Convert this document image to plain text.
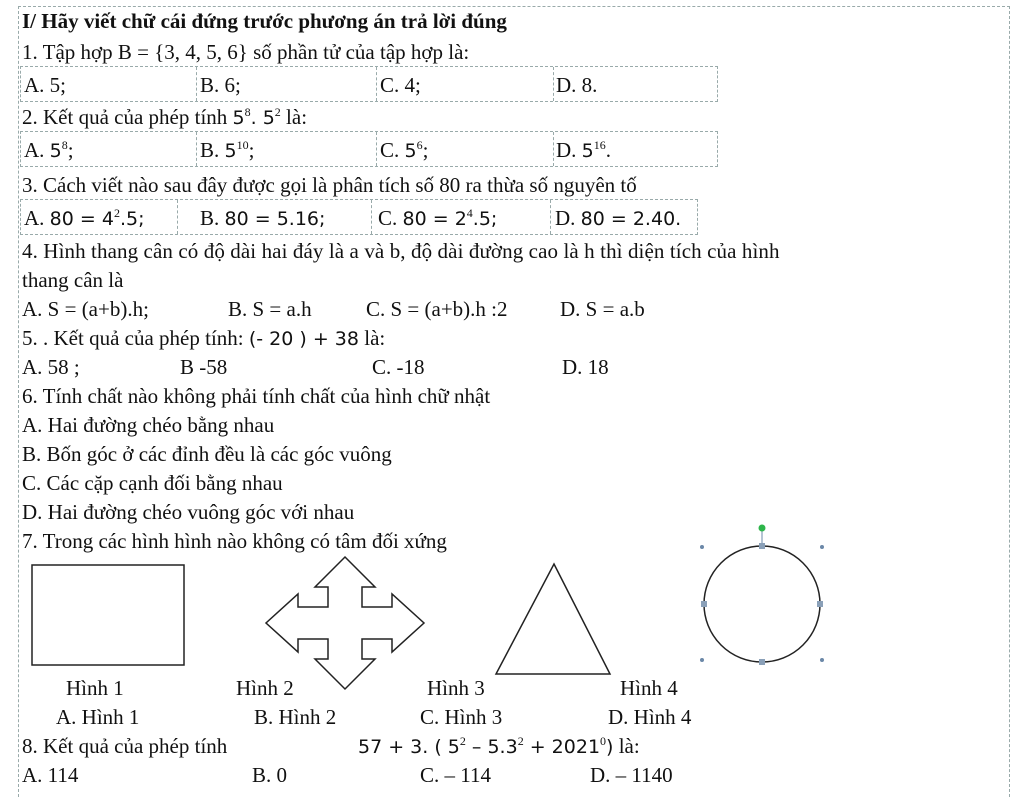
I/ Hãy viết chữ cái đứng trước phương án trả lời đúng
1. Tập hợp B = {3, 4, 5, 6} số phần tử của tập hợp là:
A. 5;	B. 6;	C. 4;	D. 8.
2. Kết quả của phép tính $5^8$. $5^2$ là:
A. $5^8$;	B. $5^{10}$;	C. $5^6$;	D. $5^{16}$.
3. Cách viết nào sau đây được gọi là phân tích số 80 ra thừa số nguyên tố
A. $80 = 4^2.5$;	B. 80 = 5.16;	C. $80 = 2^4.5$;	D. 80 = 2.40.
4. Hình thang cân có độ dài hai đáy là a và b, độ dài đường cao là h thì diện tích của hình
thang cân là
A. S = (a+b).h;	B. S = a.h	C. S = (a+b).h :2 D. S = a.b
5. . Kết quả của phép tính: (- 20 ) + 38 là:
A. 58 ;	B -58	C. -18	D. 18
6. Tính chất nào không phải tính chất của hình chữ nhật
A. Hai đường chéo bằng nhau
B. Bốn góc ở các đỉnh đều là các góc vuông
C. Các cặp cạnh đối bằng nhau
D. Hai đường chéo vuông góc với nhau
7. Trong các hình hình nào không có tâm đối xứng
Hình 1	Hình 2	Hình 3	Hình 4
A. Hình 1	B. Hình 2	C. Hình 3	D. Hình 4
8. Kết quả của phép tính	57 + 3. ( $5^2 - 5.3^2 + 2021^0$) là:
A. 114	B. 0	C. – 114	D. – 1140
